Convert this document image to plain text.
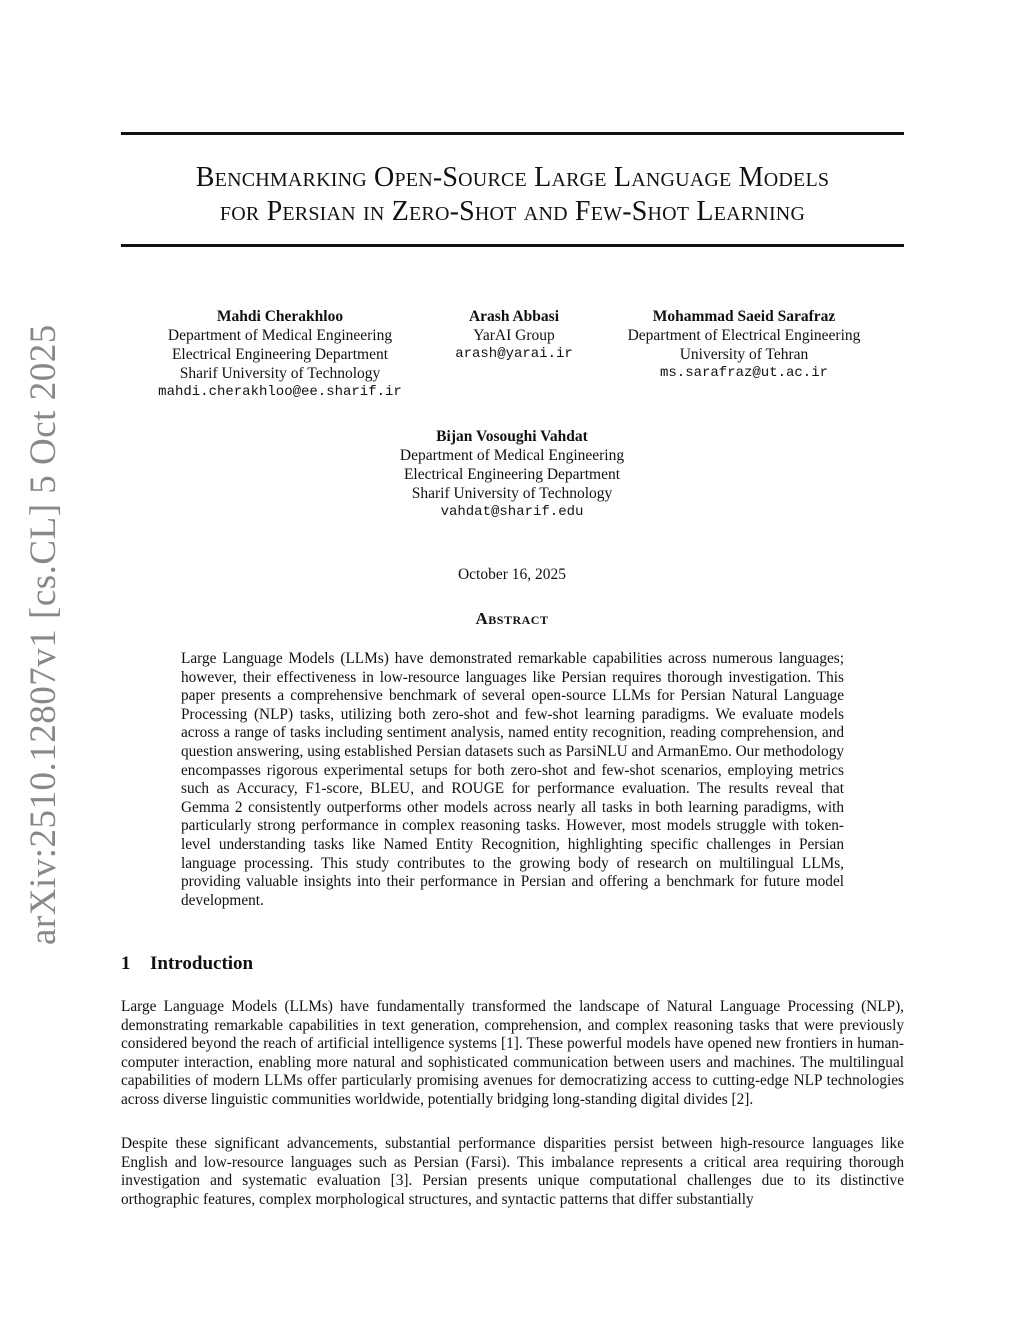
arXiv:2510.12807v1 [cs.CL] 5 Oct 2025
Benchmarking Open-Source Large Language Models
for Persian in Zero-Shot and Few-Shot Learning
Mahdi Cherakhloo
Department of Medical Engineering
Electrical Engineering Department
Sharif University of Technology
mahdi.cherakhloo@ee.sharif.ir
Arash Abbasi
YarAI Group
arash@yarai.ir
Mohammad Saeid Sarafraz
Department of Electrical Engineering
University of Tehran
ms.sarafraz@ut.ac.ir
Bijan Vosoughi Vahdat
Department of Medical Engineering
Electrical Engineering Department
Sharif University of Technology
vahdat@sharif.edu
October 16, 2025
Abstract
Large Language Models (LLMs) have demonstrated remarkable capabilities across numerous languages; however, their effectiveness in low-resource languages like Persian requires thorough investigation. This paper presents a comprehensive benchmark of several open-source LLMs for Persian Natural Language Processing (NLP) tasks, utilizing both zero-shot and few-shot learning paradigms. We evaluate models across a range of tasks including sentiment analysis, named entity recognition, reading comprehension, and question answering, using established Persian datasets such as ParsiNLU and ArmanEmo. Our methodology encompasses rigorous experimental setups for both zero-shot and few-shot scenarios, employing metrics such as Accuracy, F1-score, BLEU, and ROUGE for performance evaluation. The results reveal that Gemma 2 consistently outperforms other models across nearly all tasks in both learning paradigms, with particularly strong performance in complex reasoning tasks. However, most models struggle with token-level understanding tasks like Named Entity Recognition, highlighting specific challenges in Persian language processing. This study contributes to the growing body of research on multilingual LLMs, providing valuable insights into their performance in Persian and offering a benchmark for future model development.
1 Introduction
Large Language Models (LLMs) have fundamentally transformed the landscape of Natural Language Processing (NLP), demonstrating remarkable capabilities in text generation, comprehension, and complex reasoning tasks that were previously considered beyond the reach of artificial intelligence systems [1]. These powerful models have opened new frontiers in human-computer interaction, enabling more natural and sophisticated communication between users and machines. The multilingual capabilities of modern LLMs offer particularly promising avenues for democratizing access to cutting-edge NLP technologies across diverse linguistic communities worldwide, potentially bridging long-standing digital divides [2].
Despite these significant advancements, substantial performance disparities persist between high-resource languages like English and low-resource languages such as Persian (Farsi). This imbalance represents a critical area requiring thorough investigation and systematic evaluation [3]. Persian presents unique computational challenges due to its distinctive orthographic features, complex morphological structures, and syntactic patterns that differ substantially
